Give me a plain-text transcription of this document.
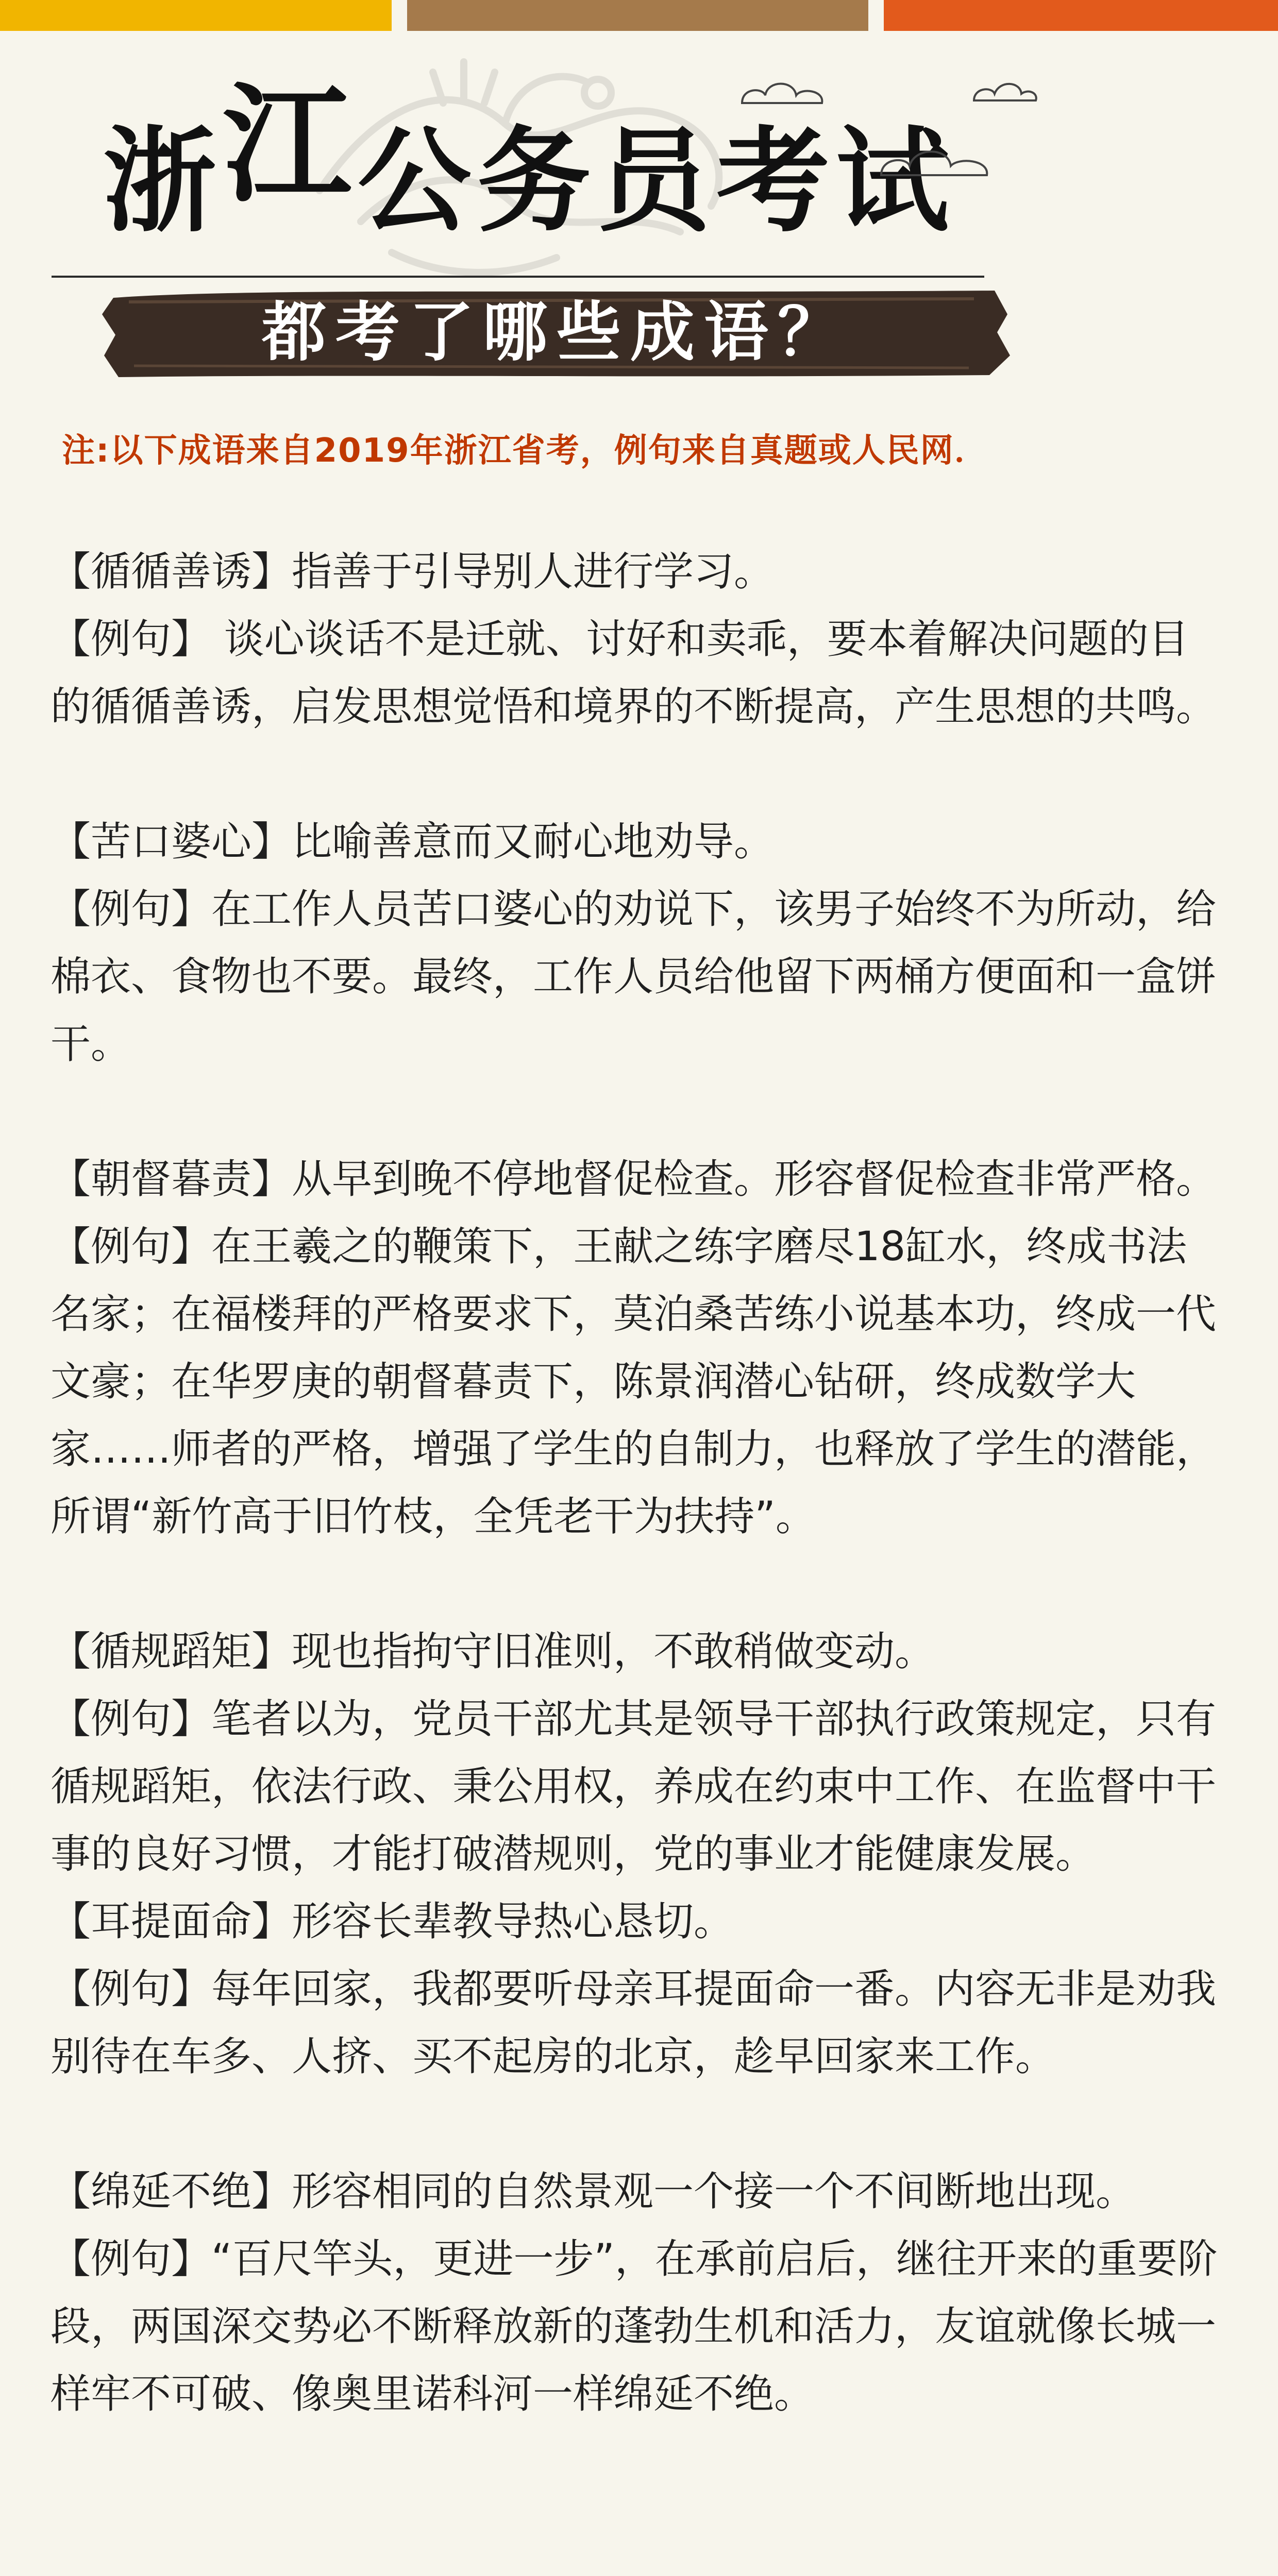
浙江公务员考试
都考了哪些成语？
注:以下成语来自2019年浙江省考，例句来自真题或人民网．

【循循善诱】指善于引导别人进行学习。

【例句】 谈心谈话不是迁就、讨好和卖乖，要本着解决问题的目的循循善诱，启发思想觉悟和境界的不断提高，产生思想的共鸣。

【苦口婆心】比喻善意而又耐心地劝导。

【例句】在工作人员苦口婆心的劝说下，该男子始终不为所动，给棉衣、食物也不要。最终，工作人员给他留下两桶方便面和一盒饼干。

【朝督暮责】从早到晚不停地督促检查。形容督促检查非常严格。

【例句】在王羲之的鞭策下，王献之练字磨尽18缸水，终成书法名家；在福楼拜的严格要求下，莫泊桑苦练小说基本功，终成一代文豪；在华罗庚的朝督暮责下，陈景润潜心钻研，终成数学大家……师者的严格，增强了学生的自制力，也释放了学生的潜能，所谓“新竹高于旧竹枝，全凭老干为扶持”。

【循规蹈矩】现也指拘守旧准则，不敢稍做变动。

【例句】笔者以为，党员干部尤其是领导干部执行政策规定，只有循规蹈矩，依法行政、秉公用权，养成在约束中工作、在监督中干事的良好习惯，才能打破潜规则，党的事业才能健康发展。

【耳提面命】形容长辈教导热心恳切。

【例句】每年回家，我都要听母亲耳提面命一番。内容无非是劝我别待在车多、人挤、买不起房的北京，趁早回家来工作。

【绵延不绝】形容相同的自然景观一个接一个不间断地出现。

【例句】“百尺竿头，更进一步”，在承前启后，继往开来的重要阶段，两国深交势必不断释放新的蓬勃生机和活力，友谊就像长城一样牢不可破、像奥里诺科河一样绵延不绝。
